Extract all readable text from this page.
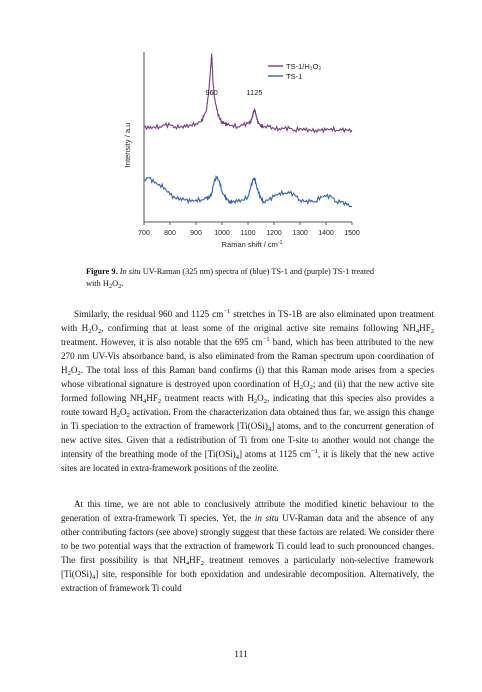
700 800 900 1000 1100 1200 1300 1400 1500
Raman shift / $cm^{-1}$
Intensity / a.u
960	1125
TS-1/H₂O₂
TS-1
Figure 9. In situ UV-Raman (325 nm) spectra of (blue) TS-1 and (purple) TS-1 treated
with $H_2O_2$.

Similarly, the residual 960 and 1125 $cm^{-1}$ stretches in TS-1B are also eliminated upon treatment with $H_2O_2$, confirming that at least some of the original active site remains following $NH_4HF_2$ treatment. However, it is also notable that the 695 $cm^{-1}$ band, which has been attributed to the new 270 nm UV-Vis absorbance band, is also eliminated from the Raman spectrum upon coordination of $H_2O_2$. The total loss of this Raman band confirms (i) that this Raman mode arises from a species whose vibrational signature is destroyed upon coordination of $H_2O_2$; and (ii) that the new active site formed following $NH_4HF_2$ treatment reacts with $H_2O_2$, indicating that this species also provides a route toward $H_2O_2$ activation. From the characterization data obtained thus far, we assign this change in Ti speciation to the extraction of framework $[Ti(OSi)_4]$ atoms, and to the concurrent generation of new active sites. Given that a redistribution of Ti from one T-site to another would not change the intensity of the breathing mode of the $[Ti(OSi)_4]$ atoms at 1125 $cm^{-1}$, it is likely that the new active sites are located in extra-framework positions of the zeolite.

At this time, we are not able to conclusively attribute the modified kinetic behaviour to the generation of extra-framework Ti species. Yet, the in situ UV-Raman data and the absence of any other contributing factors (see above) strongly suggest that these factors are related. We consider there to be two potential ways that the extraction of framework Ti could lead to such pronounced changes. The first possibility is that $NH_4HF_2$ treatment removes a particularly non-selective framework $[Ti(OSi)_4]$ site, responsible for both epoxidation and undesirable decomposition. Alternatively, the extraction of framework Ti could

111
